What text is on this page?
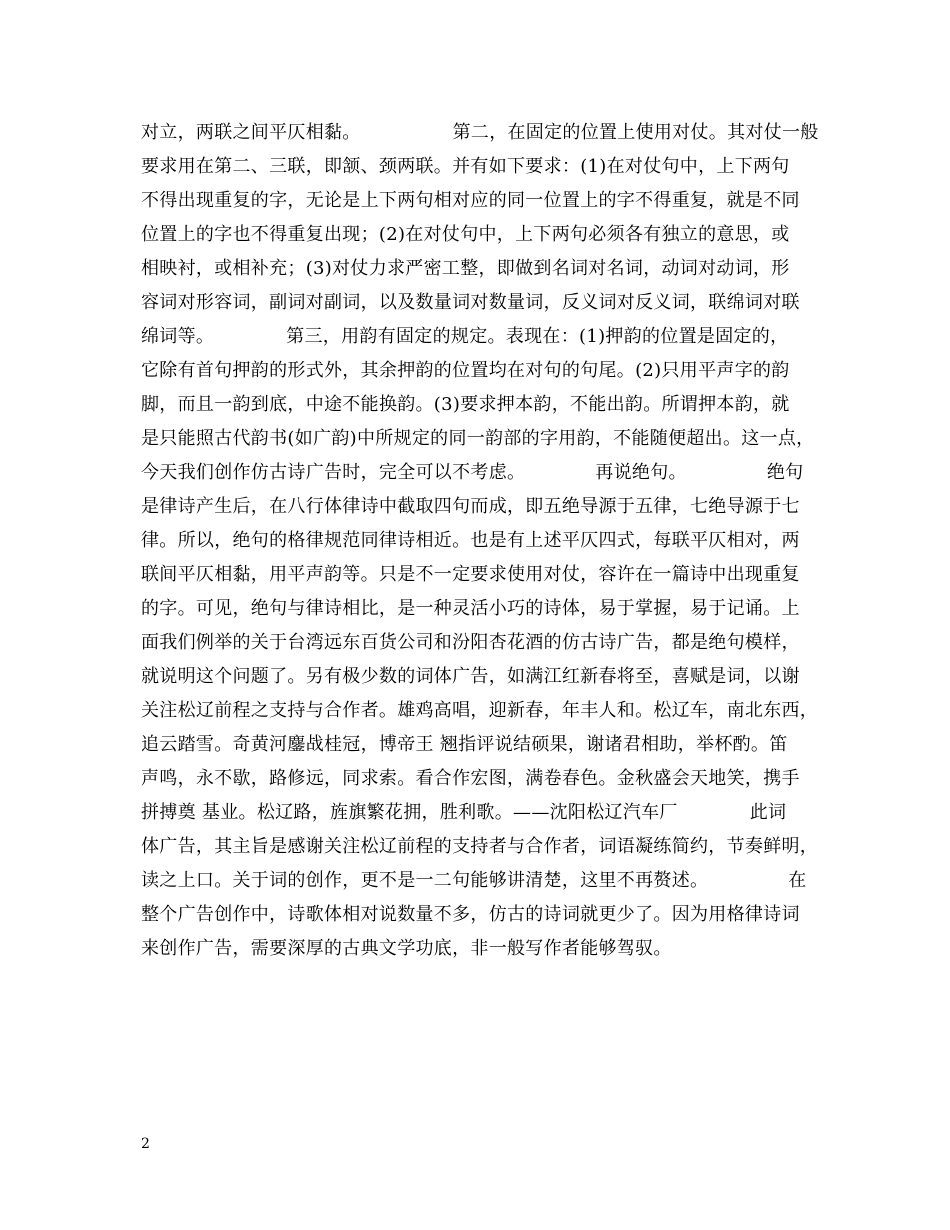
对立，两联之间平仄相黏。	第二，在固定的位置上使用对仗。其对仗一般
要求用在第二、三联，即颔、颈两联。并有如下要求：(1)在对仗句中，上下两句
不得出现重复的字，无论是上下两句相对应的同一位置上的字不得重复，就是不同
位置上的字也不得重复出现；(2)在对仗句中，上下两句必须各有独立的意思，或
相映衬，或相补充；(3)对仗力求严密工整，即做到名词对名词，动词对动词，形
容词对形容词，副词对副词，以及数量词对数量词，反义词对反义词，联绵词对联
绵词等。	第三，用韵有固定的规定。表现在：(1)押韵的位置是固定的，
它除有首句押韵的形式外，其余押韵的位置均在对句的句尾。(2)只用平声字的韵
脚，而且一韵到底，中途不能换韵。(3)要求押本韵，不能出韵。所谓押本韵，就
是只能照古代韵书(如广韵)中所规定的同一韵部的字用韵，不能随便超出。这一点，
今天我们创作仿古诗广告时，完全可以不考虑。	再说绝句。	绝句
是律诗产生后，在八行体律诗中截取四句而成，即五绝导源于五律，七绝导源于七
律。所以，绝句的格律规范同律诗相近。也是有上述平仄四式，每联平仄相对，两
联间平仄相黏，用平声韵等。只是不一定要求使用对仗，容许在一篇诗中出现重复
的字。可见，绝句与律诗相比，是一种灵活小巧的诗体，易于掌握，易于记诵。上
面我们例举的关于台湾远东百货公司和汾阳杏花酒的仿古诗广告，都是绝句模样，
就说明这个问题了。另有极少数的词体广告，如满江红新春将至，喜赋是词，以谢
关注松辽前程之支持与合作者。雄鸡高唱，迎新春，年丰人和。松辽车，南北东西，
追云踏雪。奇黄河鏖战桂冠，博帝王 翘指评说结硕果，谢诸君相助，举杯酌。笛
声鸣，永不歇，路修远，同求索。看合作宏图，满卷春色。金秋盛会天地笑，携手
拼搏奠 基业。松辽路，旌旗繁花拥，胜利歌。——沈阳松辽汽车厂	此词
体广告，其主旨是感谢关注松辽前程的支持者与合作者，词语凝练简约，节奏鲜明，
读之上口。关于词的创作，更不是一二句能够讲清楚，这里不再赘述。	在
整个广告创作中，诗歌体相对说数量不多，仿古的诗词就更少了。因为用格律诗词
来创作广告，需要深厚的古典文学功底，非一般写作者能够驾驭。
2
